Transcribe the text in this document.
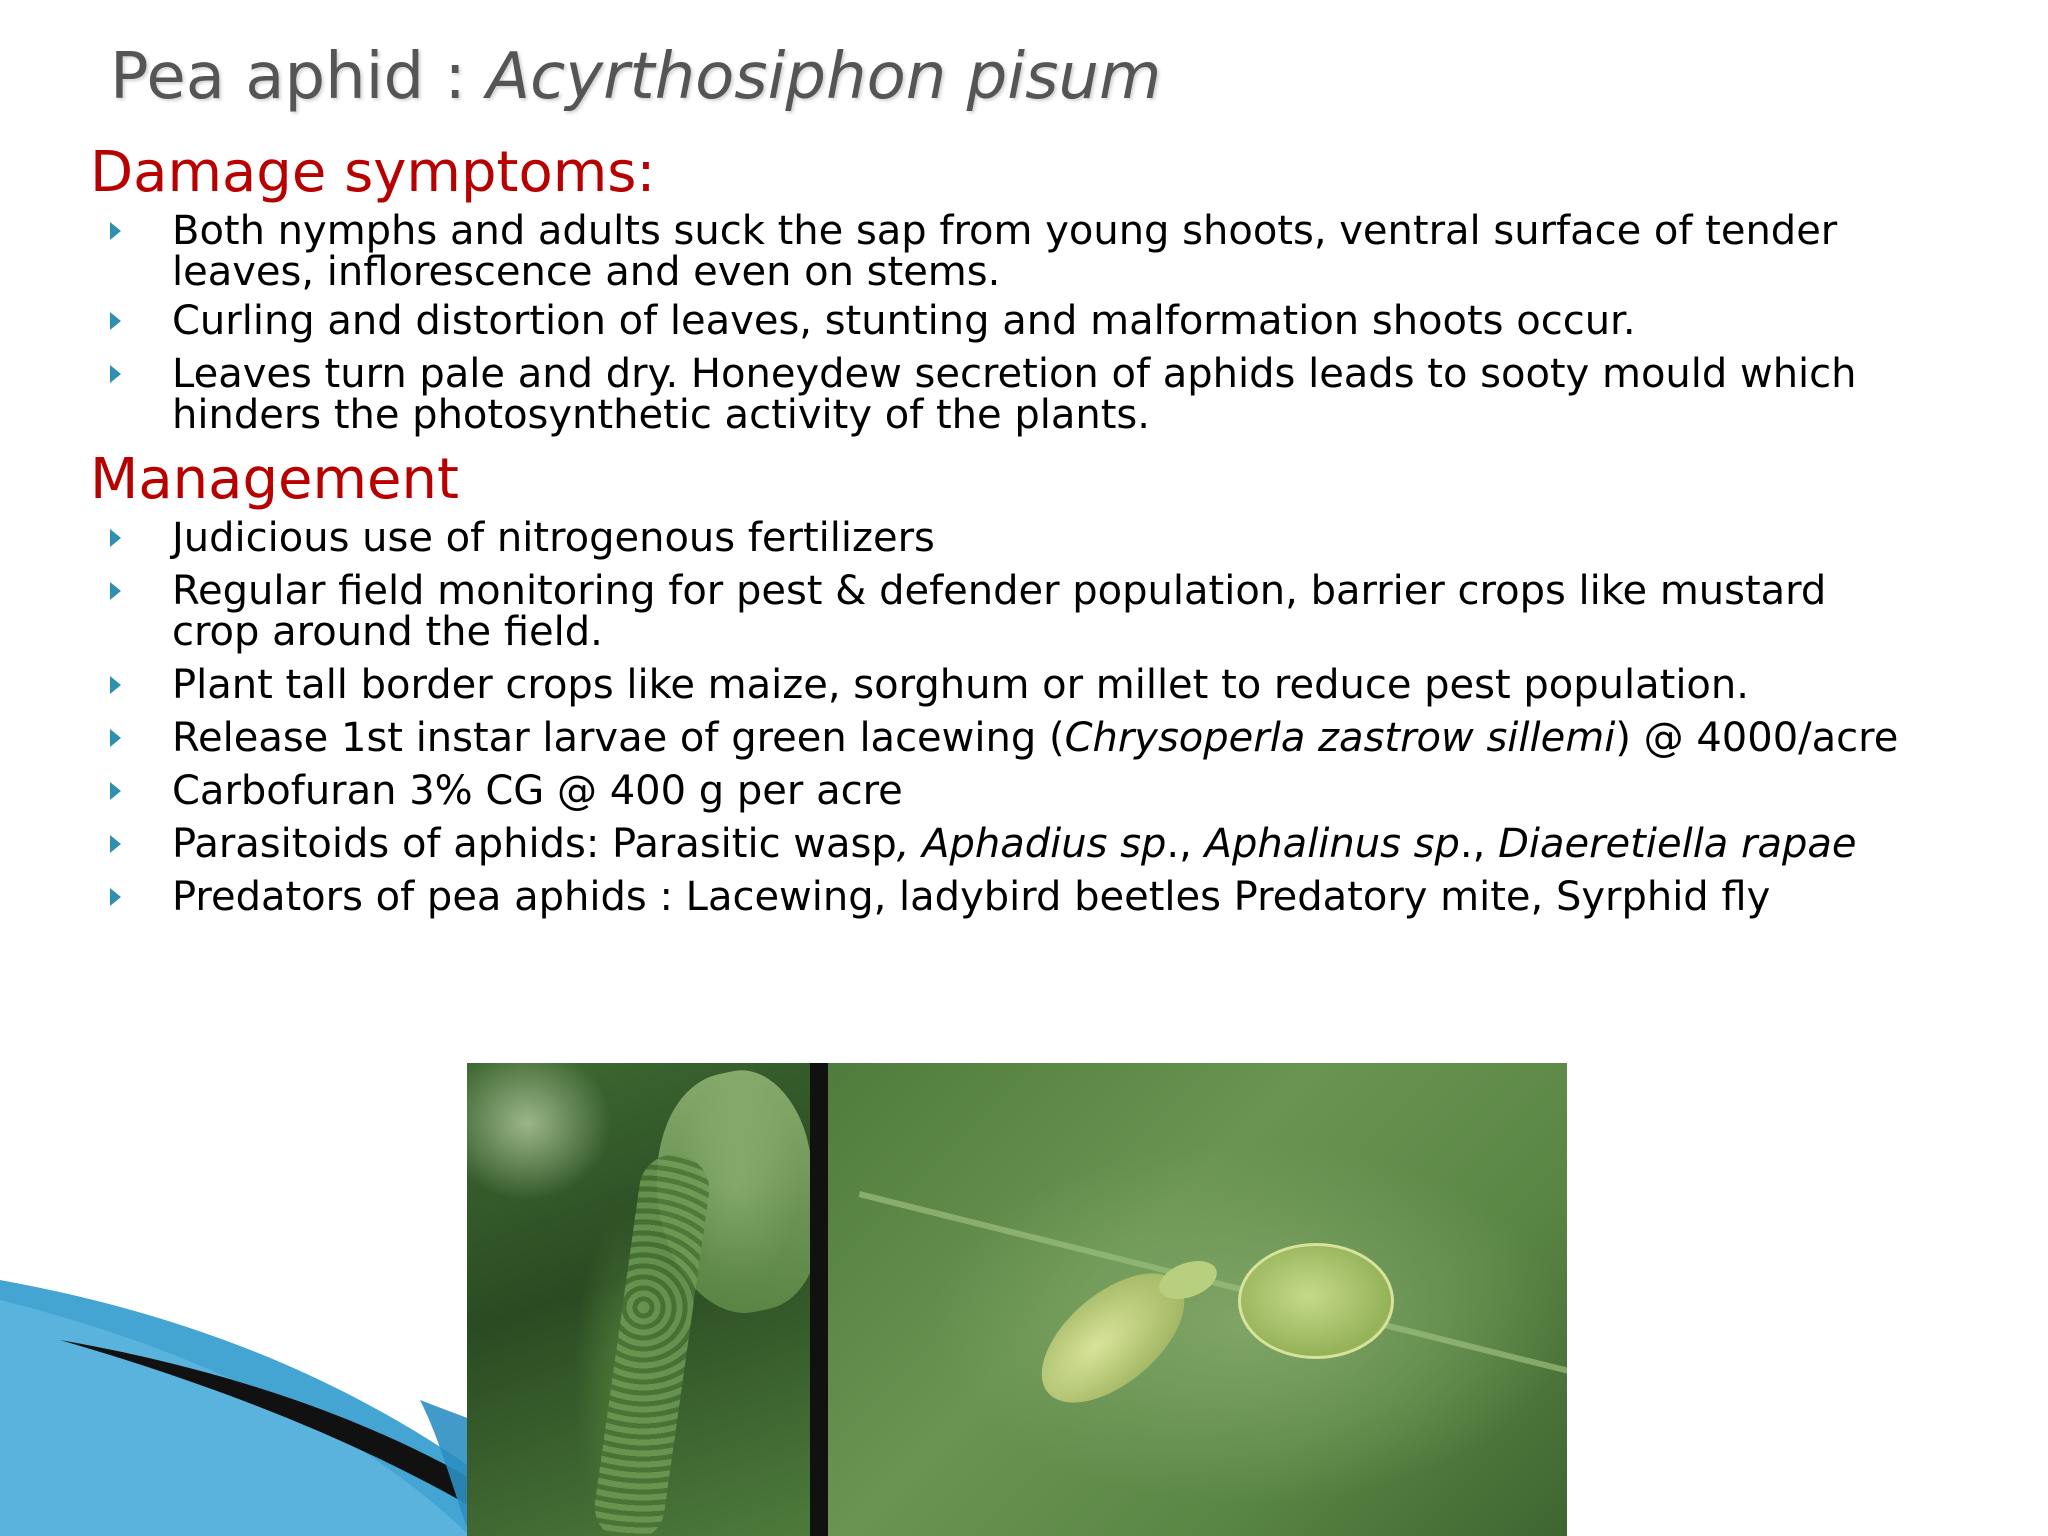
Pea aphid : Acyrthosiphon pisum
Damage symptoms:
Both nymphs and adults suck the sap from young shoots, ventral surface of tender
leaves, inflorescence and even on stems.
Curling and distortion of leaves, stunting and malformation shoots occur.
Leaves turn pale and dry. Honeydew secretion of aphids leads to sooty mould which
hinders the photosynthetic activity of the plants.
Management
Judicious use of nitrogenous fertilizers
Regular field monitoring for pest & defender population, barrier crops like mustard
crop around the field.
Plant tall border crops like maize, sorghum or millet to reduce pest population.
Release 1st instar larvae of green lacewing (Chrysoperla zastrow sillemi) @ 4000/acre
Carbofuran 3% CG @ 400 g per acre
Parasitoids of aphids: Parasitic wasp, Aphadius sp., Aphalinus sp., Diaeretiella rapae
Predators of pea aphids : Lacewing, ladybird beetles Predatory mite, Syrphid fly
